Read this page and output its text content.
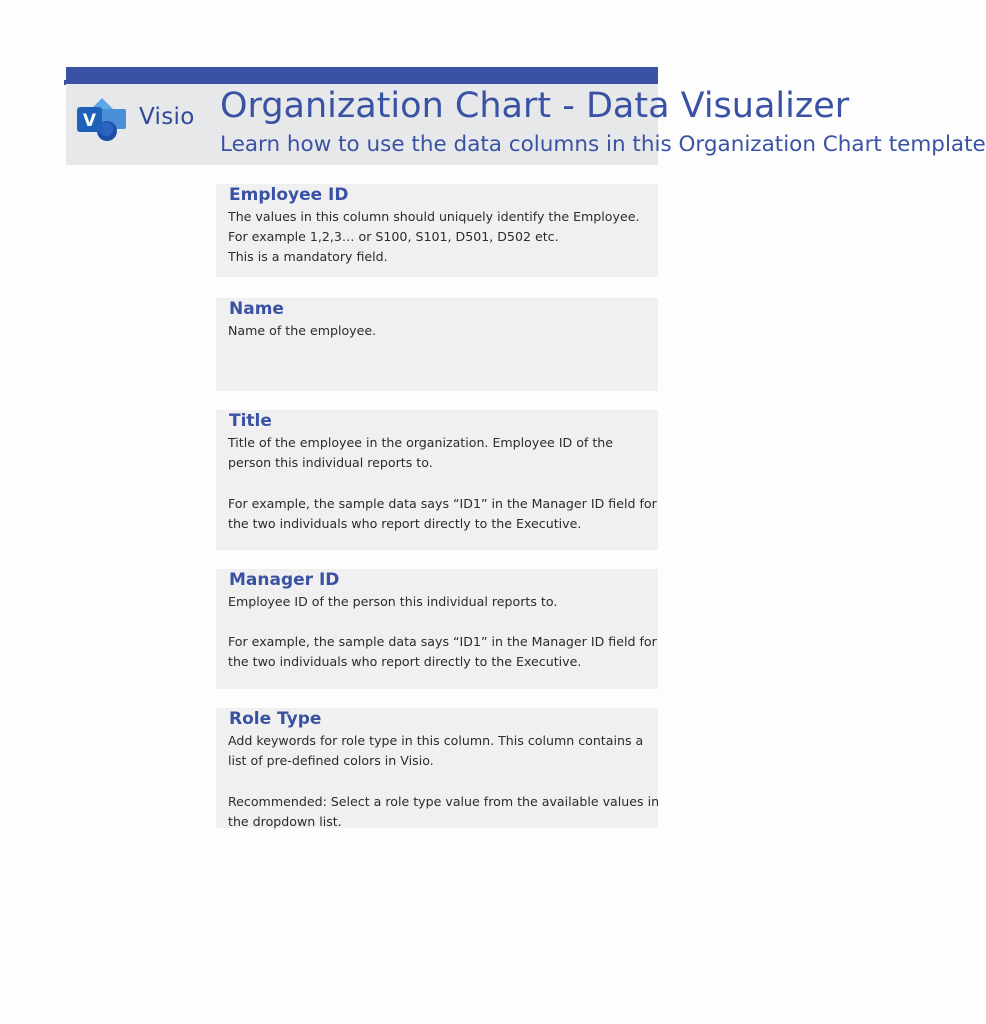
V Visio Organization Chart - Data Visualizer
Learn how to use the data columns in this Organization Chart template
Employee ID
The values in this column should uniquely identify the Employee.
For example 1,2,3… or S100, S101, D501, D502 etc.
This is a mandatory field.
Name
Name of the employee.
Title
Title of the employee in the organization. Employee ID of the
person this individual reports to.
For example, the sample data says “ID1” in the Manager ID field for
the two individuals who report directly to the Executive.
Manager ID
Employee ID of the person this individual reports to.
For example, the sample data says “ID1” in the Manager ID field for
the two individuals who report directly to the Executive.
Role Type
Add keywords for role type in this column. This column contains a
list of pre-defined colors in Visio.
Recommended: Select a role type value from the available values in
the dropdown list.
